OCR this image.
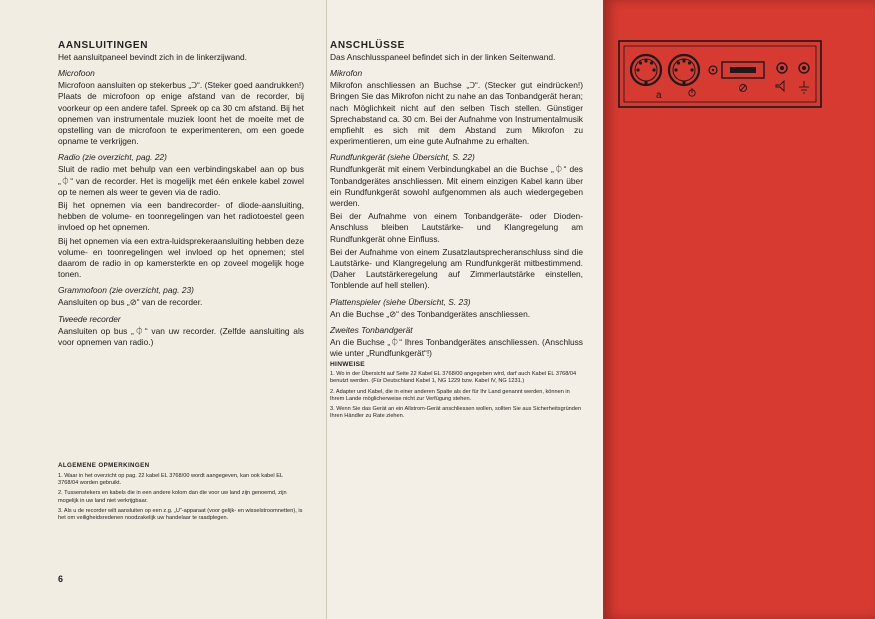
AANSLUITINGEN
Het aansluitpaneel bevindt zich in de linkerzijwand.
Microfoon
Microfoon aansluiten op stekerbus „Ↄ“. (Steker goed aandrukken!) Plaats de microfoon op enige afstand van de recorder, bij voorkeur op een andere tafel. Spreek op ca 30 cm afstand. Bij het opnemen van instrumentale muziek loont het de moeite met de opstelling van de microfoon te experimenteren, om een goede opname te verkrijgen.
Radio (zie overzicht, pag. 22)
Sluit de radio met behulp van een verbindingskabel aan op bus „⏀“ van de recorder. Het is mogelijk met één enkele kabel zowel op te nemen als weer te geven via de radio.
Bij het opnemen via een bandrecorder- of diode-aansluiting, hebben de volume- en toonregelingen van het radiotoestel geen invloed op het opnemen.
Bij het opnemen via een extra-luidsprekeraansluiting hebben deze volume- en toonregelingen wel invloed op het opnemen; stel daarom de radio in op kamersterkte en op zoveel mogelijk hoge tonen.
Grammofoon (zie overzicht, pag. 23)
Aansluiten op bus „⊘“ van de recorder.
Tweede recorder
Aansluiten op bus „⏀“ van uw recorder. (Zelfde aansluiting als voor opnemen van radio.)
ALGEMENE OPMERKINGEN
1. Waar in het overzicht op pag. 22 kabel EL 3768/00 wordt aangegeven, kan ook kabel EL 3768/04 worden gebruikt.
2. Tussenstekers en kabels die in een andere kolom dan die voor uw land zijn genoemd, zijn mogelijk in uw land niet verkrijgbaar.
3. Als u de recorder wilt aansluiten op een z.g. „U“-apparaat (voor gelijk- en wisselstroomnetten), is het om veiligheidsredenen noodzakelijk uw handelaar te raadplegen.
6
ANSCHLÜSSE
Das Anschlusspaneel befindet sich in der linken Seitenwand.
Mikrofon
Mikrofon anschliessen an Buchse „Ↄ“. (Stecker gut eindrücken!) Bringen Sie das Mikrofon nicht zu nahe an das Tonbandgerät heran; nach Möglichkeit nicht auf den selben Tisch stellen. Günstiger Sprechabstand ca. 30 cm. Bei der Aufnahme von Instrumentalmusik empfiehlt es sich mit dem Abstand zum Mikrofon zu experimentieren, um eine gute Aufnahme zu erhalten.
Rundfunkgerät (siehe Übersicht, S. 22)
Rundfunkgerät mit einem Verbindungkabel an die Buchse „⏀“ des Tonbandgerätes anschliessen. Mit einem einzigen Kabel kann über ein Rundfunkgerät sowohl aufgenommen als auch wiedergegeben werden.
Bei der Aufnahme von einem Tonbandgeräte- oder Dioden-Anschluss bleiben Lautstärke- und Klangregelung am Rundfunkgerät ohne Einfluss.
Bei der Aufnahme von einem Zusatzlautsprecheranschluss sind die Lautstärke- und Klangregelung am Rundfunkgerät mitbestimmend. (Daher Lautstärkeregelung auf Zimmerlautstärke einstellen, Tonblende auf hell stellen).
Plattenspieler (siehe Übersicht, S. 23)
An die Buchse „⊘“ des Tonbandgerätes anschliessen.
Zweites Tonbandgerät
An die Buchse „⏀“ Ihres Tonbandgerätes anschliessen. (Anschluss wie unter „Rundfunkgerät“!)
HINWEISE
1. Wo in der Übersicht auf Seite 22 Kabel EL 3768/00 angegeben wird, darf auch Kabel EL 3768/04 benutzt werden. (Für Deutschland Kabel 1, NG 1229 bzw. Kabel IV, NG 1231.)
2. Adapter und Kabel, die in einer anderen Spalte als der für Ihr Land genannt werden, können in Ihrem Lande möglicherweise nicht zur Verfügung stehen.
3. Wenn Sie das Gerät an ein Allstrom-Gerät anschliessen wollen, sollten Sie aus Sicherheitsgründen Ihren Händler zu Rate ziehen.
a
